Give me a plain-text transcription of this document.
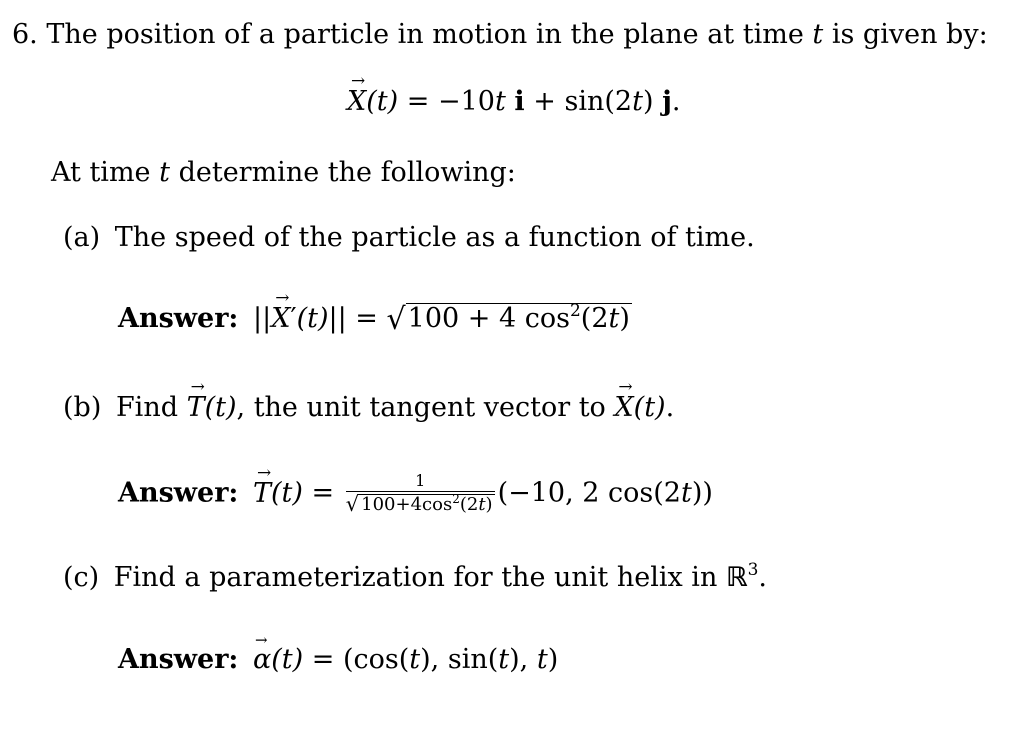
6. The position of a particle in motion in the plane at time t is given by:
→ X(t) = −10t i + sin(2t) j.
At time t determine the following:
(a) The speed of the particle as a function of time.
Answer: ||→ X′(t)|| = √100 + 4 $\cos^2(2t)$
(b) Find → T(t), the unit tangent vector to → X(t).
Answer: → $T(t) = \frac{1}{√ 100+4\cos^2(2t)} (-10$, 2 cos(2t))
(c) Find a parameterization for the unit helix in ℝ$^3$.
Answer: → α(t) = (cos(t), sin(t), t)
